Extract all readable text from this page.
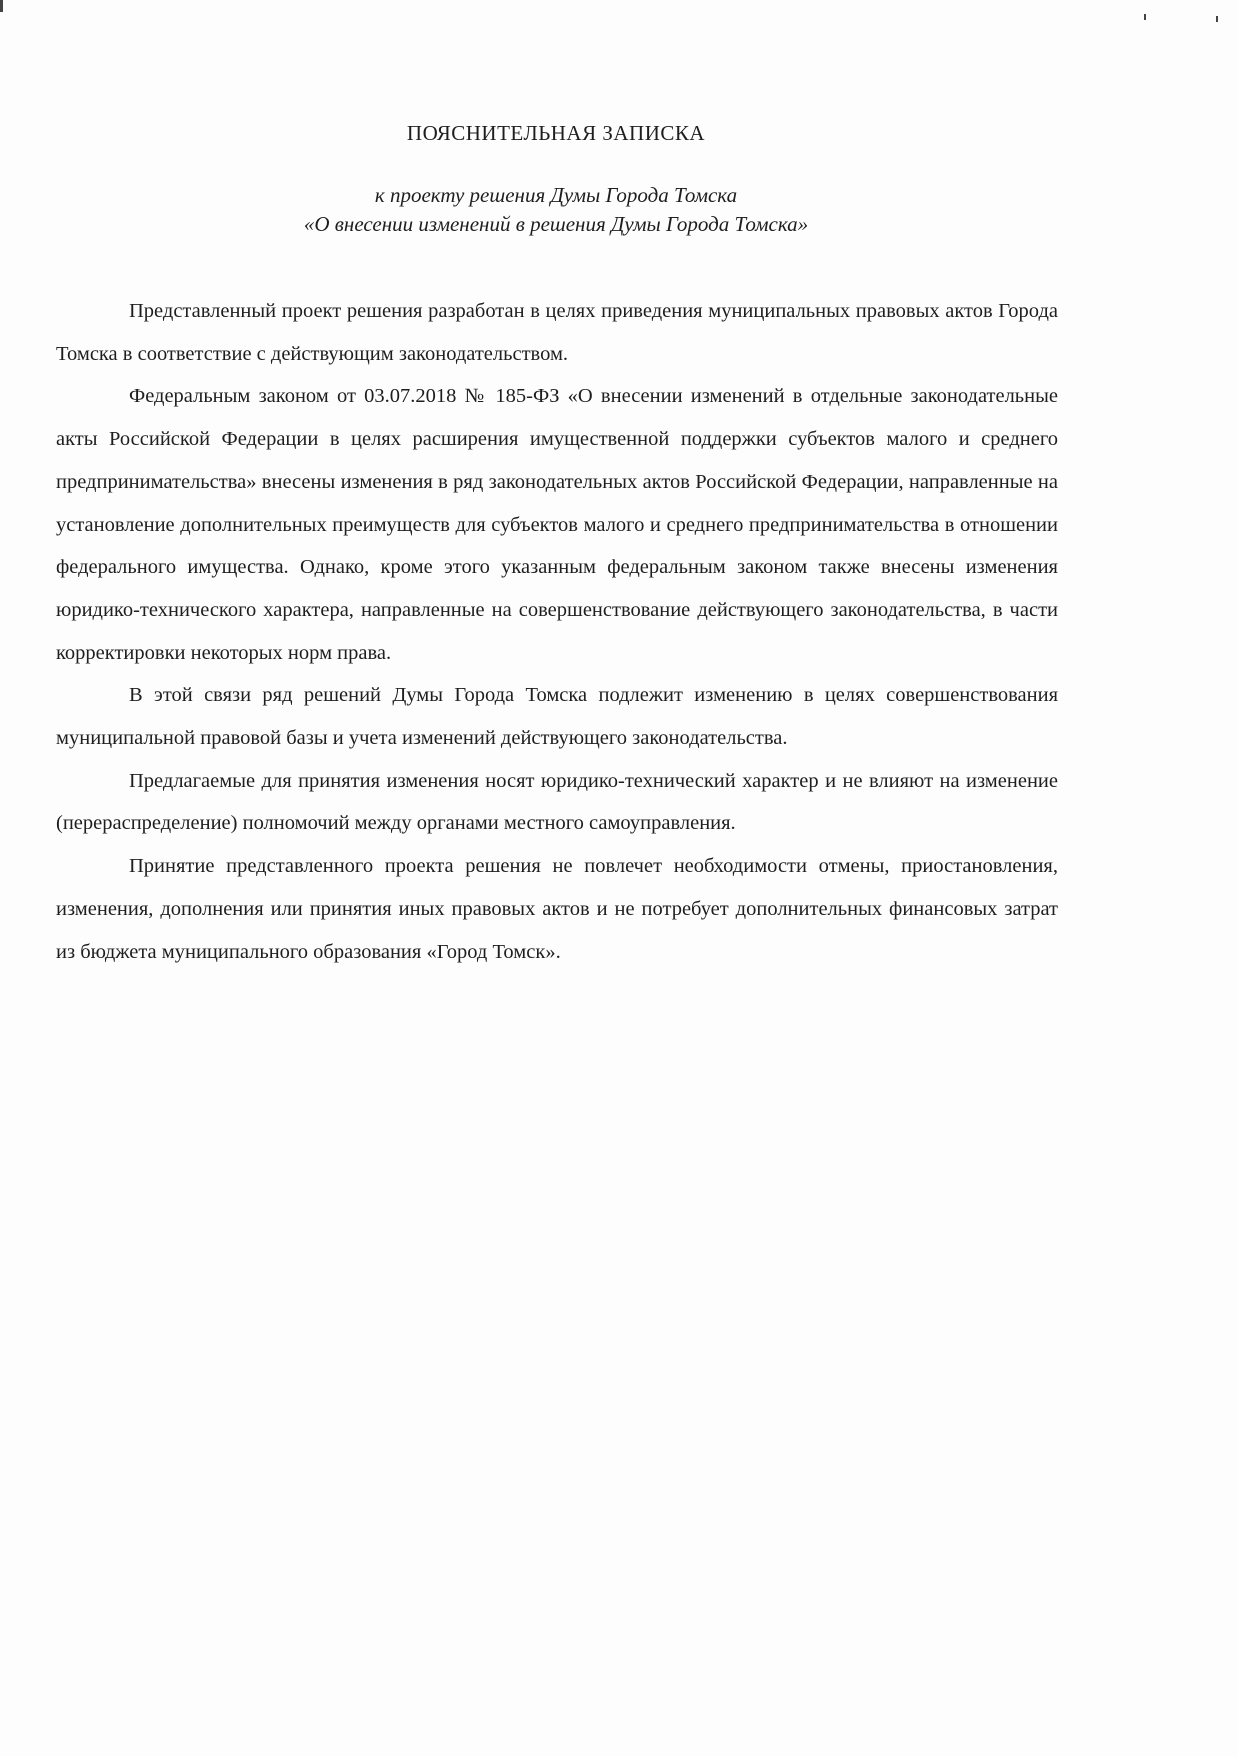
ПОЯСНИТЕЛЬНАЯ ЗАПИСКА
к проекту решения Думы Города Томска
«О внесении изменений в решения Думы Города Томска»

Представленный проект решения разработан в целях приведения муниципальных правовых актов Города Томска в соответствие с действующим законодательством.

Федеральным законом от 03.07.2018 № 185-ФЗ «О внесении изменений в отдельные законодательные акты Российской Федерации в целях расширения имущественной поддержки субъектов малого и среднего предпринимательства» внесены изменения в ряд законодательных актов Российской Федерации, направленные на установление дополнительных преимуществ для субъектов малого и среднего предпринимательства в отношении федерального имущества. Однако, кроме этого указанным федеральным законом также внесены изменения юридико-технического характера, направленные на совершенствование действующего законодательства, в части корректировки некоторых норм права.

В этой связи ряд решений Думы Города Томска подлежит изменению в целях совершенствования муниципальной правовой базы и учета изменений действующего законодательства.

Предлагаемые для принятия изменения носят юридико-технический характер и не влияют на изменение (перераспределение) полномочий между органами местного самоуправления.

Принятие представленного проекта решения не повлечет необходимости отмены, приостановления, изменения, дополнения или принятия иных правовых актов и не потребует дополнительных финансовых затрат из бюджета муниципального образования «Город Томск».
